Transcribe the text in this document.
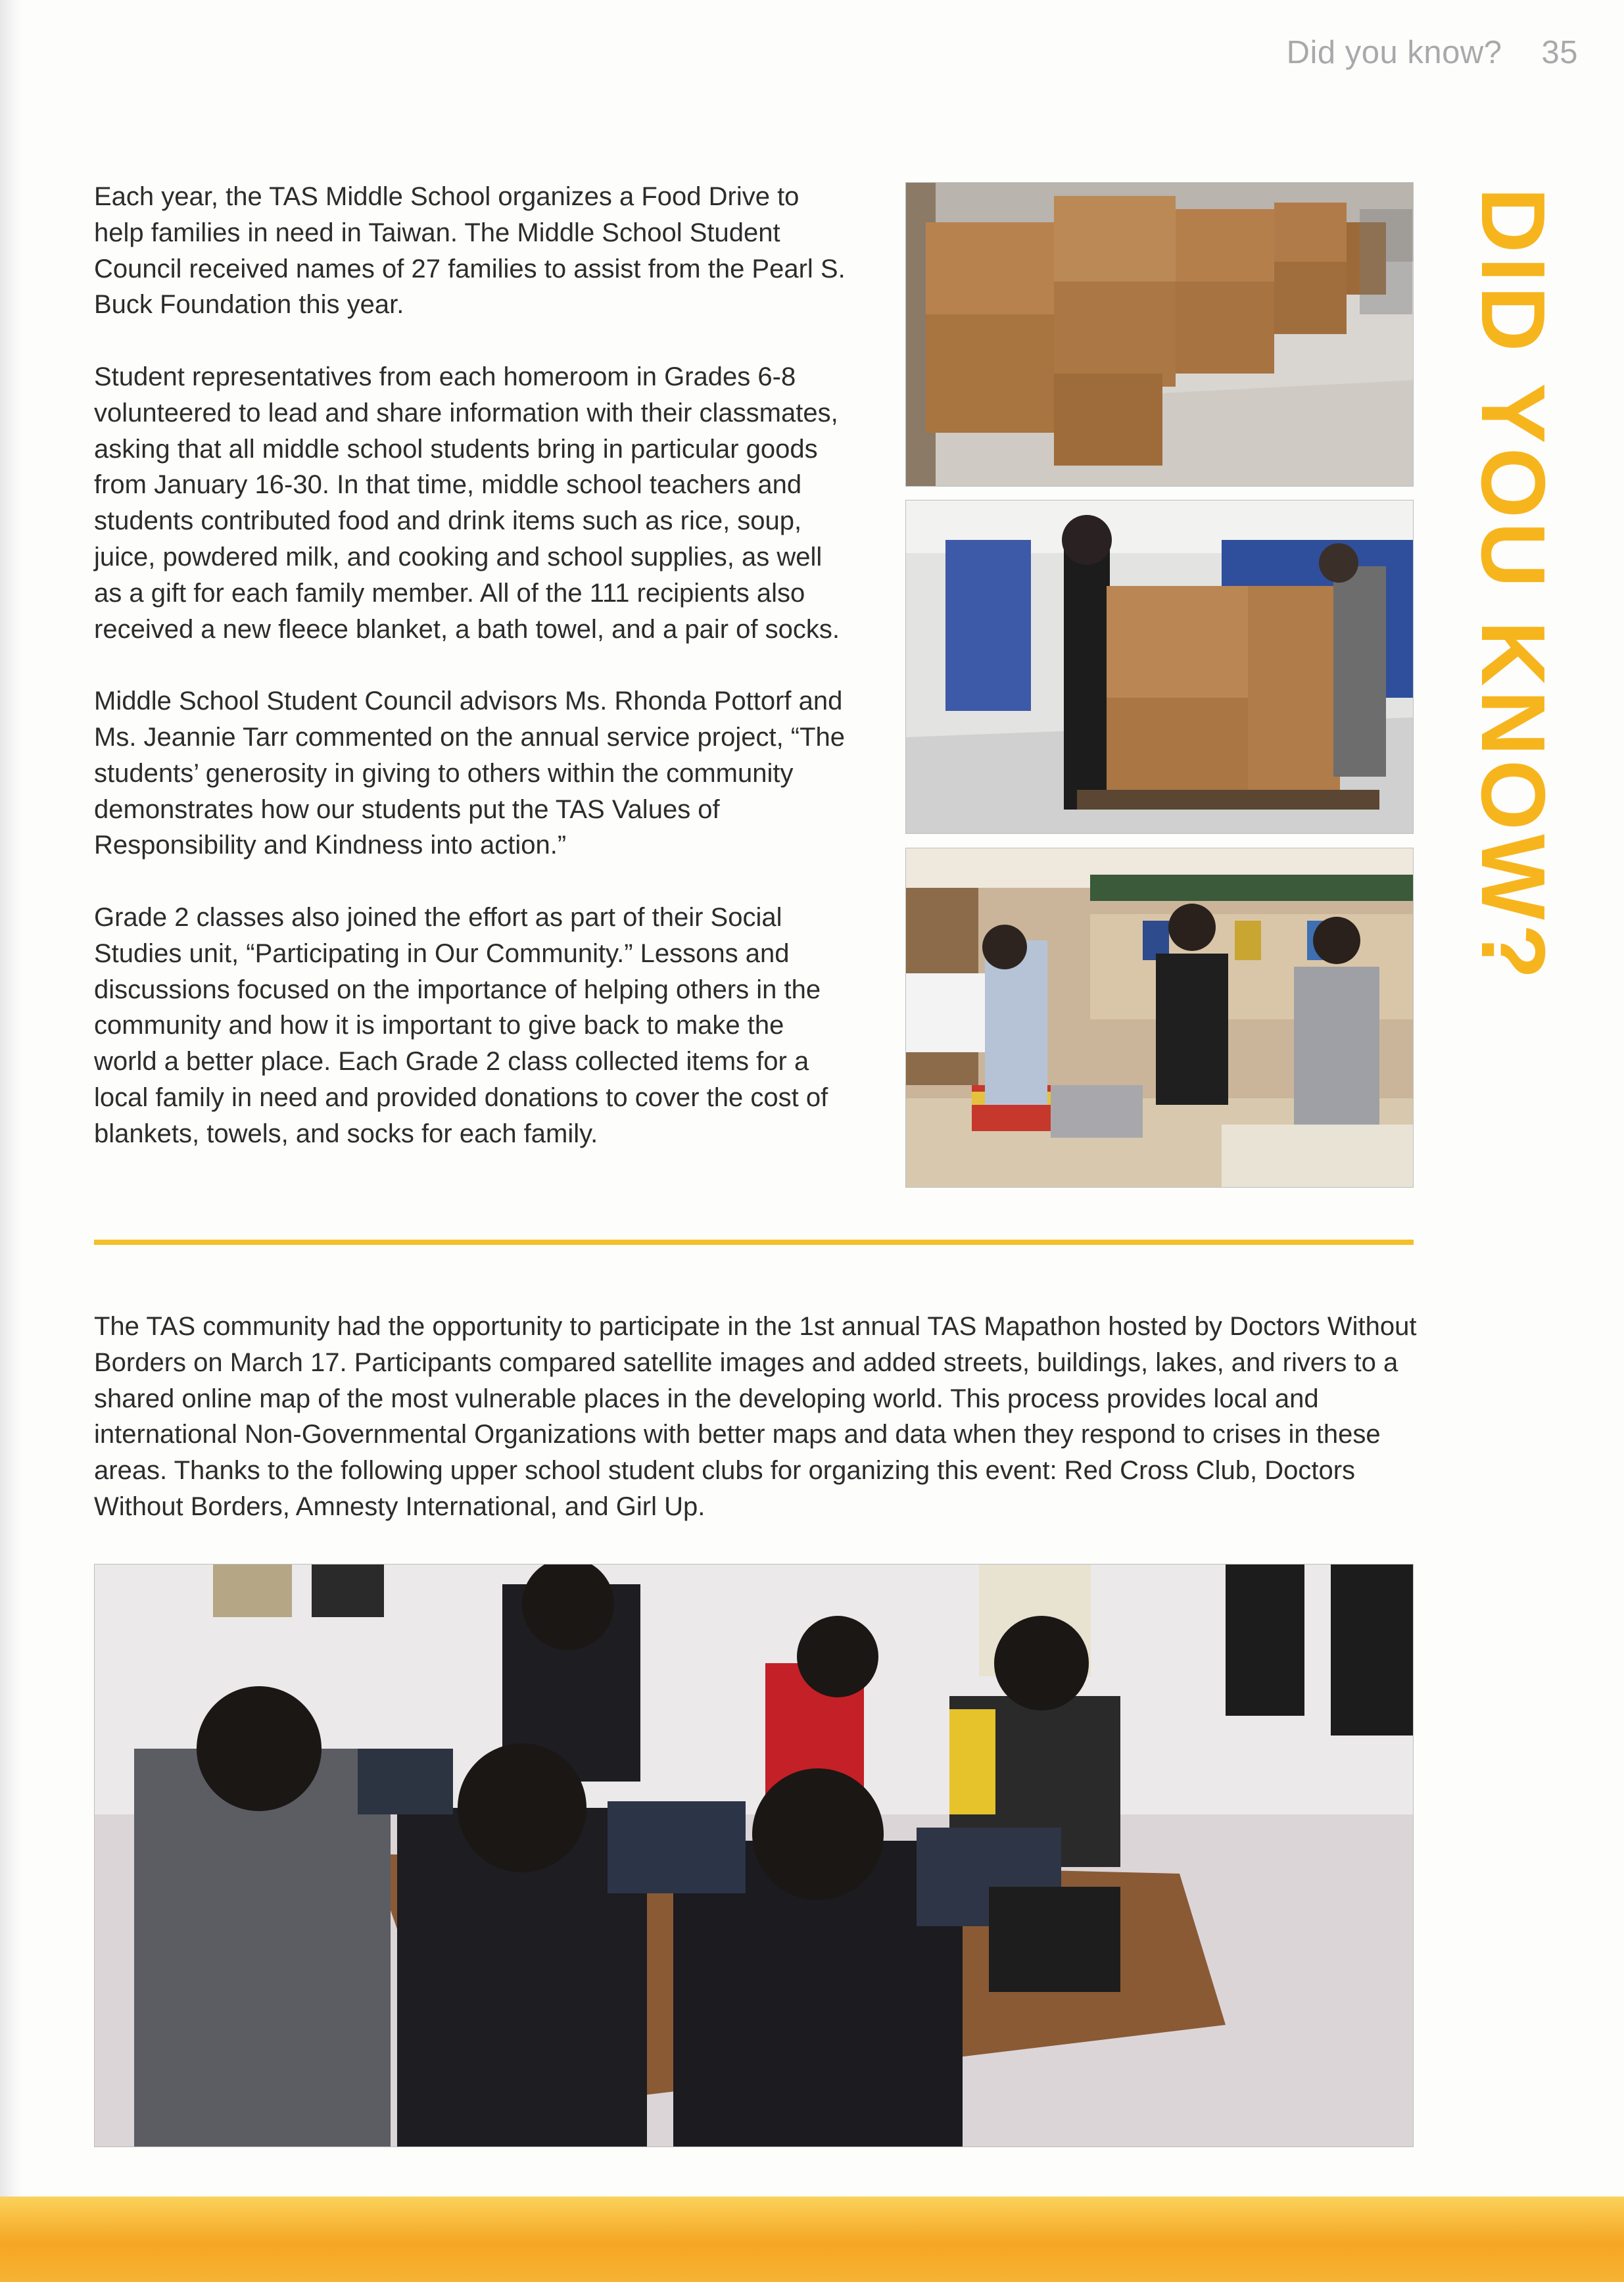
Did you know? 35
DID YOU KNOW?

Each year, the TAS Middle School organizes a Food Drive to help families in need in Taiwan. The Middle School Student Council received names of 27 families to assist from the Pearl S. Buck Foundation this year.

Student representatives from each homeroom in Grades 6-8 volunteered to lead and share information with their classmates, asking that all middle school students bring in particular goods from January 16-30. In that time, middle school teachers and students contributed food and drink items such as rice, soup, juice, powdered milk, and cooking and school supplies, as well as a gift for each family member. All of the 111 recipients also received a new fleece blanket, a bath towel, and a pair of socks.

Middle School Student Council advisors Ms. Rhonda Pottorf and Ms. Jeannie Tarr commented on the annual service project, “The students’ generosity in giving to others within the community demonstrates how our students put the TAS Values of Responsibility and Kindness into action.”

Grade 2 classes also joined the effort as part of their Social Studies unit, “Participating in Our Community.” Lessons and discussions focused on the importance of helping others in the community and how it is important to give back to make the world a better place. Each Grade 2 class collected items for a local family in need and provided donations to cover the cost of blankets, towels, and socks for each family.

The TAS community had the opportunity to participate in the 1st annual TAS Mapathon hosted by Doctors Without Borders on March 17. Participants compared satellite images and added streets, buildings, lakes, and rivers to a shared online map of the most vulnerable places in the developing world. This process provides local and international Non-Governmental Organizations with better maps and data when they respond to crises in these areas. Thanks to the following upper school student clubs for organizing this event: Red Cross Club, Doctors Without Borders, Amnesty International, and Girl Up.
